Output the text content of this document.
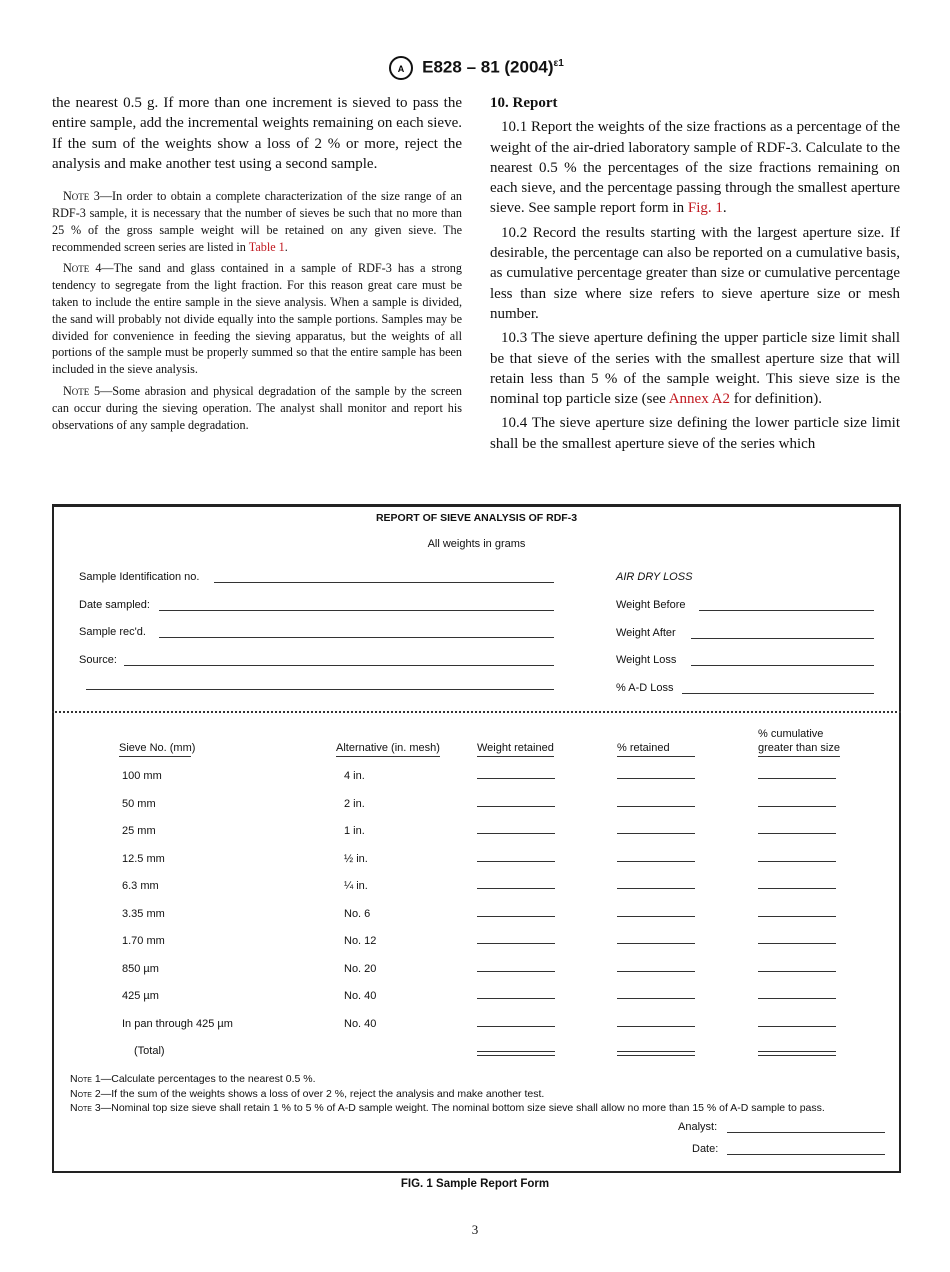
A E828 – 81 $(2004)^{\varepsilon 1}$

the nearest 0.5 g. If more than one increment is sieved to pass the entire sample, add the incremental weights remaining on each sieve. If the sum of the weights show a loss of 2 % or more, reject the analysis and make another test using a second sample.

Note 3—In order to obtain a complete characterization of the size range of an RDF-3 sample, it is necessary that the number of sieves be such that no more than 25 % of the gross sample weight will be retained on any given sieve. The recommended screen series are listed in Table 1.

Note 4—The sand and glass contained in a sample of RDF-3 has a strong tendency to segregate from the light fraction. For this reason great care must be taken to include the entire sample in the sieve analysis. When a sample is divided, the sand will probably not divide equally into the sample portions. Samples may be divided for convenience in feeding the sieving apparatus, but the weights of all portions of the sample must be properly summed so that the entire sample has been included in the sieve analysis.

Note 5—Some abrasion and physical degradation of the sample by the screen can occur during the sieving operation. The analyst shall monitor and report his observations of any sample degradation.

10. Report

10.1 Report the weights of the size fractions as a percentage of the weight of the air-dried laboratory sample of RDF-3. Calculate to the nearest 0.5 % the percentages of the size fractions remaining on each sieve, and the percentage passing through the smallest aperture sieve. See sample report form in Fig. 1.

10.2 Record the results starting with the largest aperture size. If desirable, the percentage can also be reported on a cumulative basis, as cumulative percentage greater than size or cumulative percentage less than size where size refers to sieve aperture size or mesh number.

10.3 The sieve aperture defining the upper particle size limit shall be that sieve of the series with the smallest aperture size that will retain less than 5 % of the sample weight. This sieve size is the nominal top particle size (see Annex A2 for definition).

10.4 The sieve aperture size defining the lower particle size limit shall be the smallest aperture sieve of the series which

REPORT OF SIEVE ANALYSIS OF RDF-3
All weights in grams
Sample Identification no.
Date sampled:
Sample rec'd.
Source:
Weight Before
Weight After
Weight Loss
% A-D Loss
AIR DRY LOSS
Sieve No. (mm)	Alternative (in. mesh)	Weight retained	% retained
% cumulative
greater than size
100 mm	4 in.
50 mm	2 in.
25 mm	1 in.
12.5 mm	½ in.
6.3 mm	¼ in.
3.35 mm	No. 6
1.70 mm	No. 12
850 µm	No. 20
425 µm	No. 40
In pan through 425 µm	No. 40
(Total)
Note 1—Calculate percentages to the nearest 0.5 %.
Note 2—If the sum of the weights shows a loss of over 2 %, reject the analysis and make another test.
Note 3—Nominal top size sieve shall retain 1 % to 5 % of A-D sample weight. The nominal bottom size sieve shall allow no more than 15 % of A-D sample to pass.
Analyst:
Date:
FIG. 1 Sample Report Form
3
